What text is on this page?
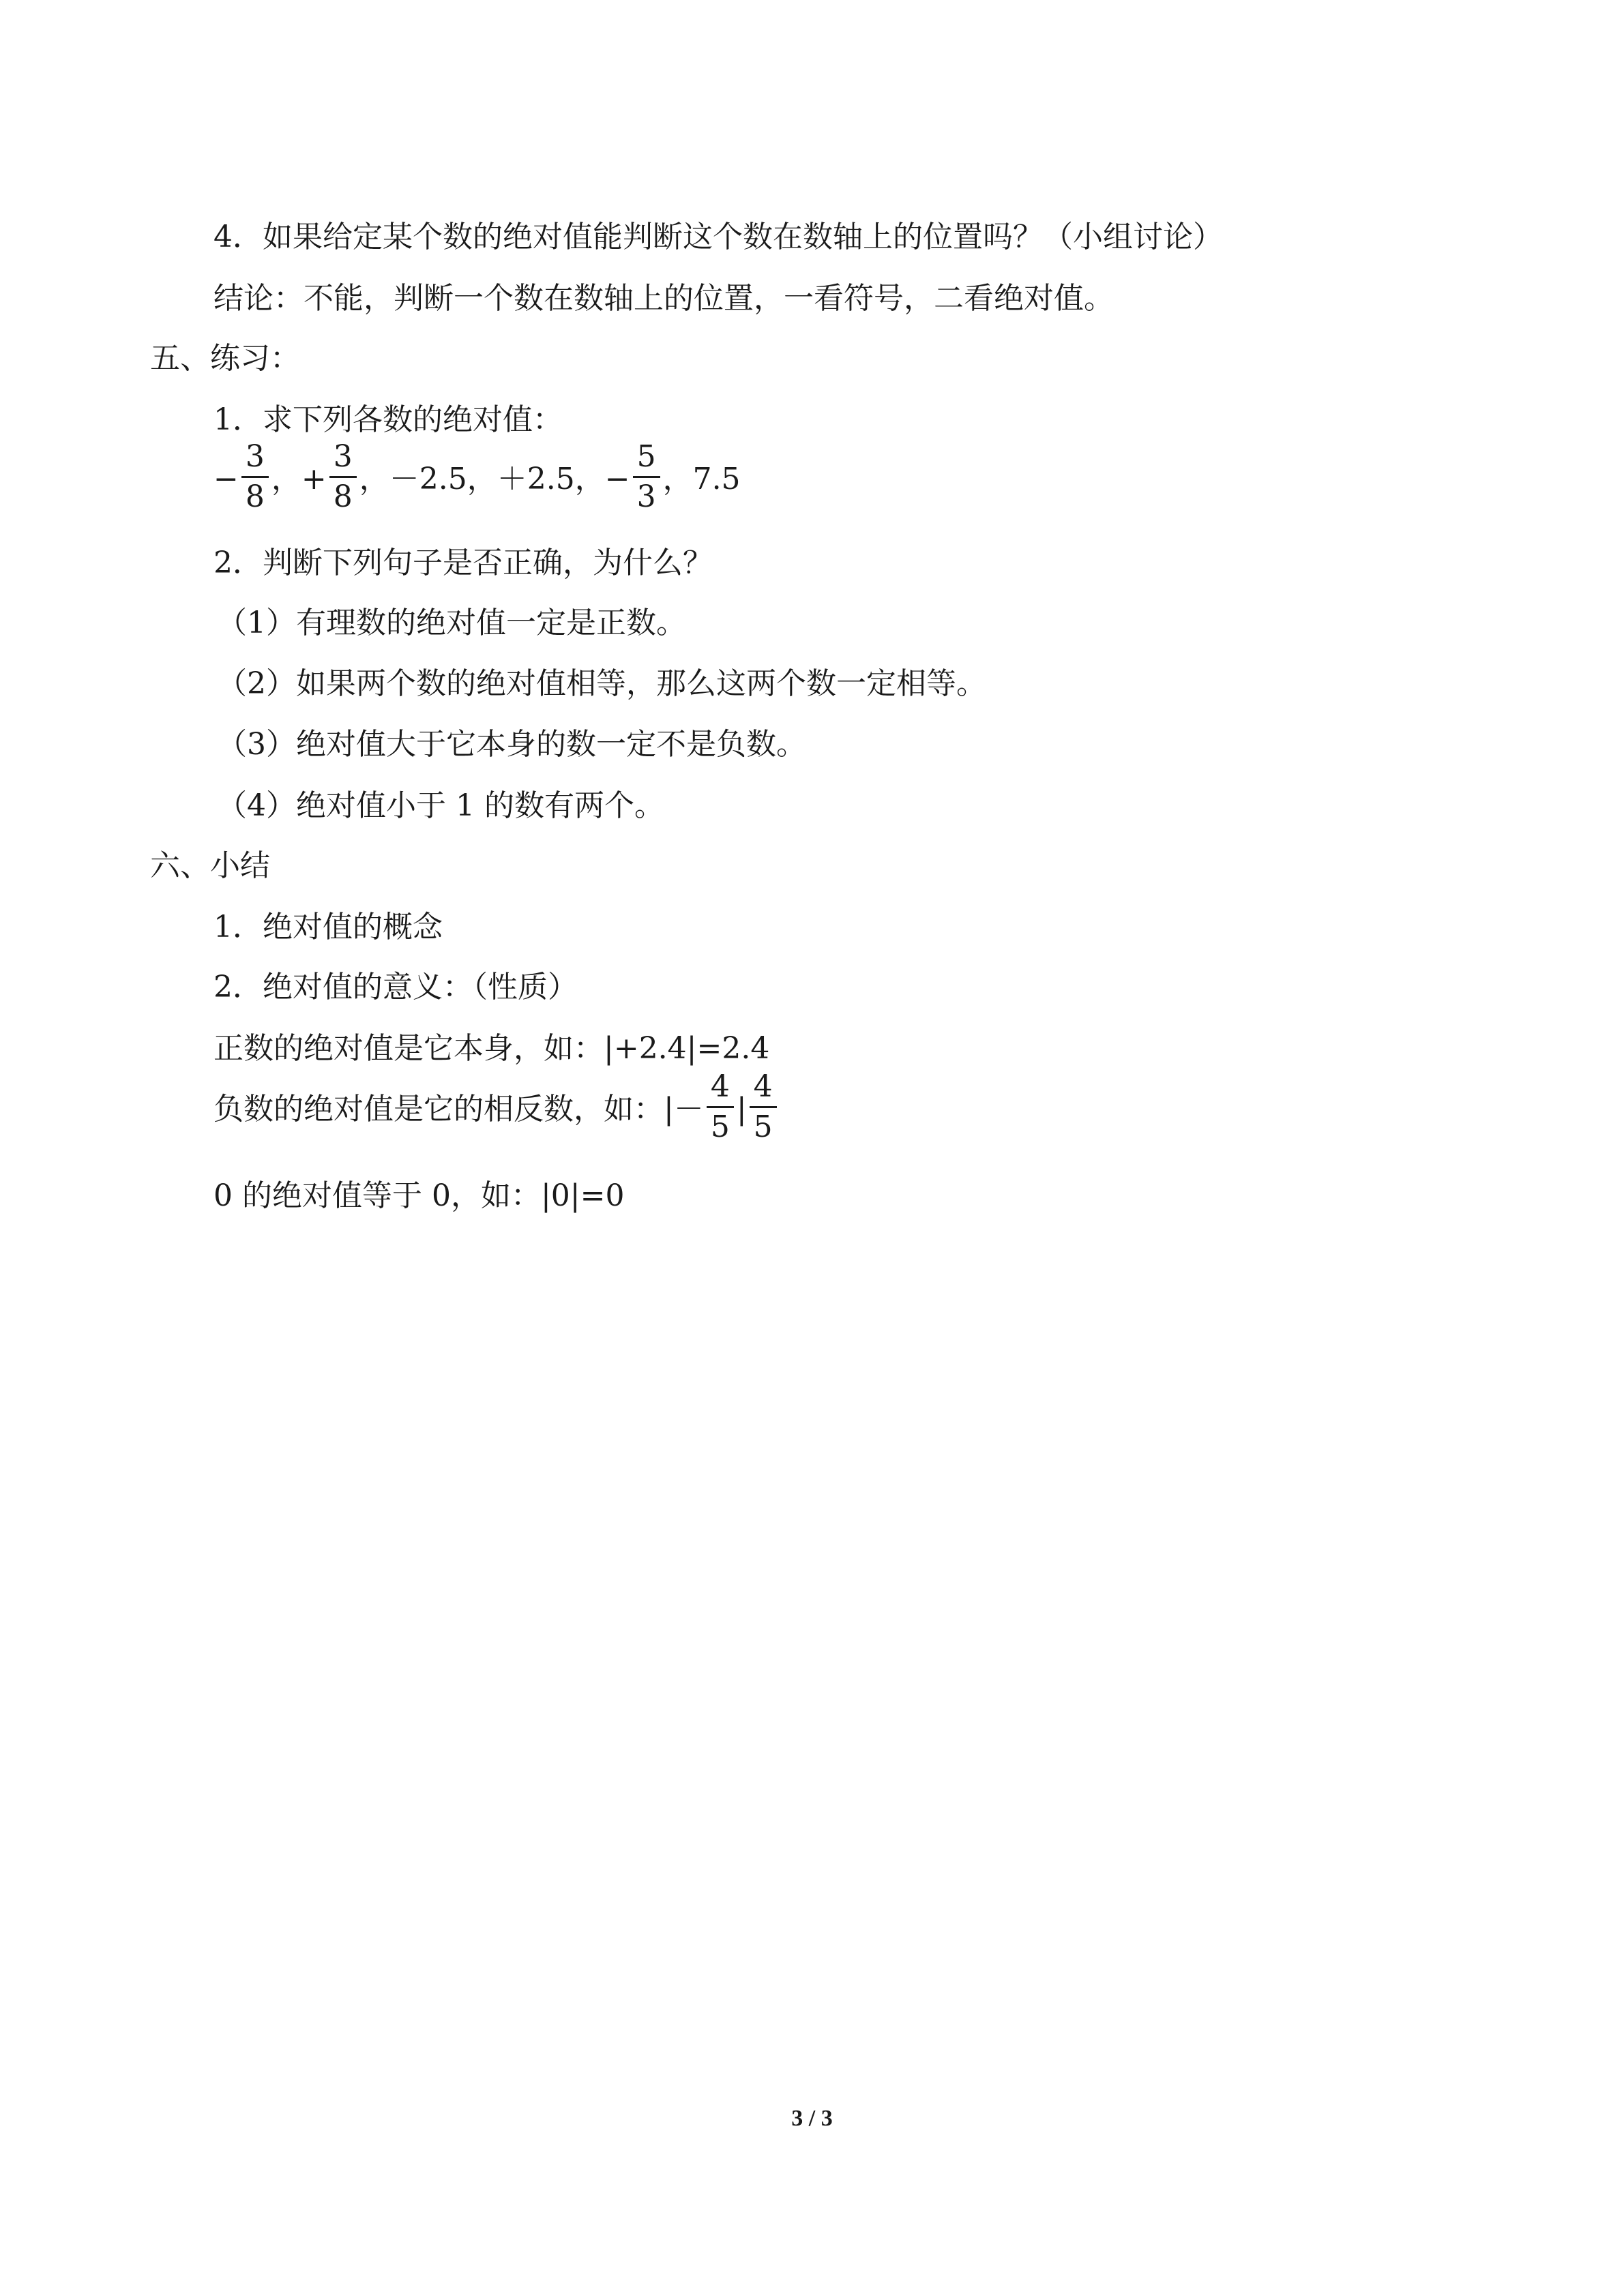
4．如果给定某个数的绝对值能判断这个数在数轴上的位置吗？（小组讨论）
结论：不能，判断一个数在数轴上的位置，一看符号，二看绝对值。
五、练习：
1．求下列各数的绝对值：
− $\frac{3}{8}$ ，+ $\frac{3}{8}$ ，－2.5，＋2.5，− $\frac{5}{3}$ ，7.5
2．判断下列句子是否正确，为什么？
（1）有理数的绝对值一定是正数。
（2）如果两个数的绝对值相等，那么这两个数一定相等。
（3）绝对值大于它本身的数一定不是负数。
（4）绝对值小于 1 的数有两个。
六、小结
1．绝对值的概念
2．绝对值的意义：（性质）
正数的绝对值是它本身，如：|+2.4|=2.4
负数的绝对值是它的相反数，如：|－ $\frac{4}{5}$ | $\frac{4}{5}$
0 的绝对值等于 0，如：|0|=0
3 / 3
